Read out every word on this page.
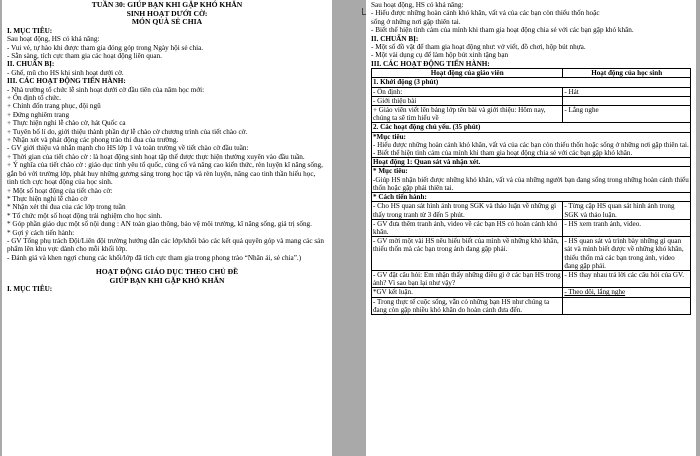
TUẦN 30: GIÚP BẠN KHI GẶP KHÓ KHĂN

SINH HOẠT DƯỚI CỜ:

MÓN QUÀ SẺ CHIA

I. MỤC TIÊU:

Sau hoạt động, HS có khả năng:

- Vui vẻ, tự hào khi được tham gia đóng góp trong Ngày hội sẻ chia.

- Sẵn sàng, tích cực tham gia các hoạt động liên quan.

II. CHUẨN BỊ:

- Ghế, mũ cho HS khi sinh hoạt dưới cờ.

III. CÁC HOẠT ĐỘNG TIẾN HÀNH:

- Nhà trường tổ chức lễ sinh hoạt dưới cờ đầu tiên của năm học mới:

+ Ổn định tổ chức.

+ Chỉnh đốn trang phục, đội ngũ

+ Đứng nghiêm trang

+ Thực hiện nghi lễ chào cờ, hát Quốc ca

+ Tuyên bố lí do, giới thiệu thành phần dự lễ chào cờ chương trình của tiết chào cờ.

+ Nhận xét và phát động các phong trào thi đua của trường.

- GV giới thiệu và nhắn mạnh cho HS lớp 1 và toàn trường về tiết chào cờ đầu tuần:

+ Thời gian của tiết chào cờ : là hoạt động sinh hoạt tập thể được thực hiện thường xuyên vào đầu tuần.

+ Ý nghĩa của tiết chào cờ : giáo dục tình yêu tổ quốc, củng cố và nâng cao kiến thức, rèn luyện kĩ năng sống, gắn bó với trường lớp, phát huy những gương sáng trong học tập và rèn luyện, nâng cao tinh thần hiếu học, tinh tích cực hoạt động của học sinh.

+ Một số hoạt động của tiết chào cờ:

* Thực hiện nghi lễ chào cờ

* Nhận xét thi đua của các lớp trong tuần

* Tổ chức một số hoạt động trải nghiệm cho học sinh.

* Góp phần giáo dục một số nội dung : AN toàn giao thông, bảo vệ môi trường, kĩ năng sống, giá trị sống.

* Gợi ý cách tiến hành:

- GV Tổng phụ trách Đội/Liên đội trường hướng dẫn các lớp/khối bảo các kết quả quyên góp và mang các sản phẩm lên khu vực dành cho mỗi khối lớp.

- Đánh giá và khen ngợi chung các khối/lớp đã tích cực tham gia trong phong trào “Nhân ái, sẻ chia”.)

HOẠT ĐỘNG GIÁO DỤC THEO CHỦ ĐỀ

GIÚP BẠN KHI GẶP KHÓ KHĂN

I. MỤC TIÊU:

Sau hoạt động, HS có khả năng:

- Hiểu được những hoàn cảnh khó khăn, vất vả của các bạn còn thiếu thốn hoặc

sống ở những nơi gặp thiên tai.

- Biết thể hiện tình cảm của mình khi tham gia hoạt động chia sẻ với các bạn gặp khó khăn.

II. CHUẨN BỊ:

- Một số đồ vật để tham gia hoạt động như: vở viết, đồ chơi, hộp bút nhựa.

- Một vài dụng cụ để làm hộp bút xinh tặng bạn

III. CÁC HOẠT ĐỘNG TIẾN HÀNH:

Hoạt động của giáo viên	Hoạt động của học sinh

1. Khởi động (3 phút)	

- Ổn định:	- Hát
- Giới thiệu bài	
+ Giáo viên viết lên bảng lớp tên bài và giới thiệu: Hôm nay, chúng ta sẽ tìm hiểu về	- Lắng nghe

2. Các hoạt động chủ yếu. (35 phút)	

*Mục tiêu:
- Hiểu được những hoàn cảnh khó khăn, vất vả của các bạn còn thiếu thốn hoặc sống ở những nơi gặp thiên tai.
- Biết thể hiện tình cảm của mình khi tham gia hoạt động chia sẻ với các bạn gặp khó khăn.	

Hoạt động 1: Quan sát và nhận xét.	

* Mục tiêu:
-Giúp HS nhận biết được những khó khăn, vất vả của những người bạn đang sống trong những hoàn cảnh thiếu thốn hoặc gặp phải thiên tai.	

* Cách tiến hành:	

- Cho HS quan sát hình ảnh trong SGK và thảo luận về những gì thấy trong tranh từ 3 đến 5 phút.	- Từng cặp HS quan sát hình ảnh trong SGK và thảo luận.
- GV đưa thêm tranh ảnh, video về các bạn HS có hoàn cảnh khó khăn.	- HS xem tranh ảnh, video.
- GV mời một vài HS nêu hiểu biết của mình về những khó khăn, thiếu thốn mà các bạn trong ảnh đang gặp phải.	- HS quan sát và trình bày những gì quan sát và mình biết được về những khó khăn, thiếu thốn mà các bạn trong ảnh, video đang gặp phải.
- GV đặt câu hỏi: Em nhận thấy những điều gì ở các bạn HS trong ảnh? Vì sao bạn lại như vậy?	- HS thay nhau trả lời các câu hỏi của GV.
*GV kết luận.	- Theo dõi, lắng nghe
- Trong thực tế cuộc sống, vẫn có những bạn HS như chúng ta đang còn gặp nhiều khó khăn do hoàn cảnh đưa đến.	
